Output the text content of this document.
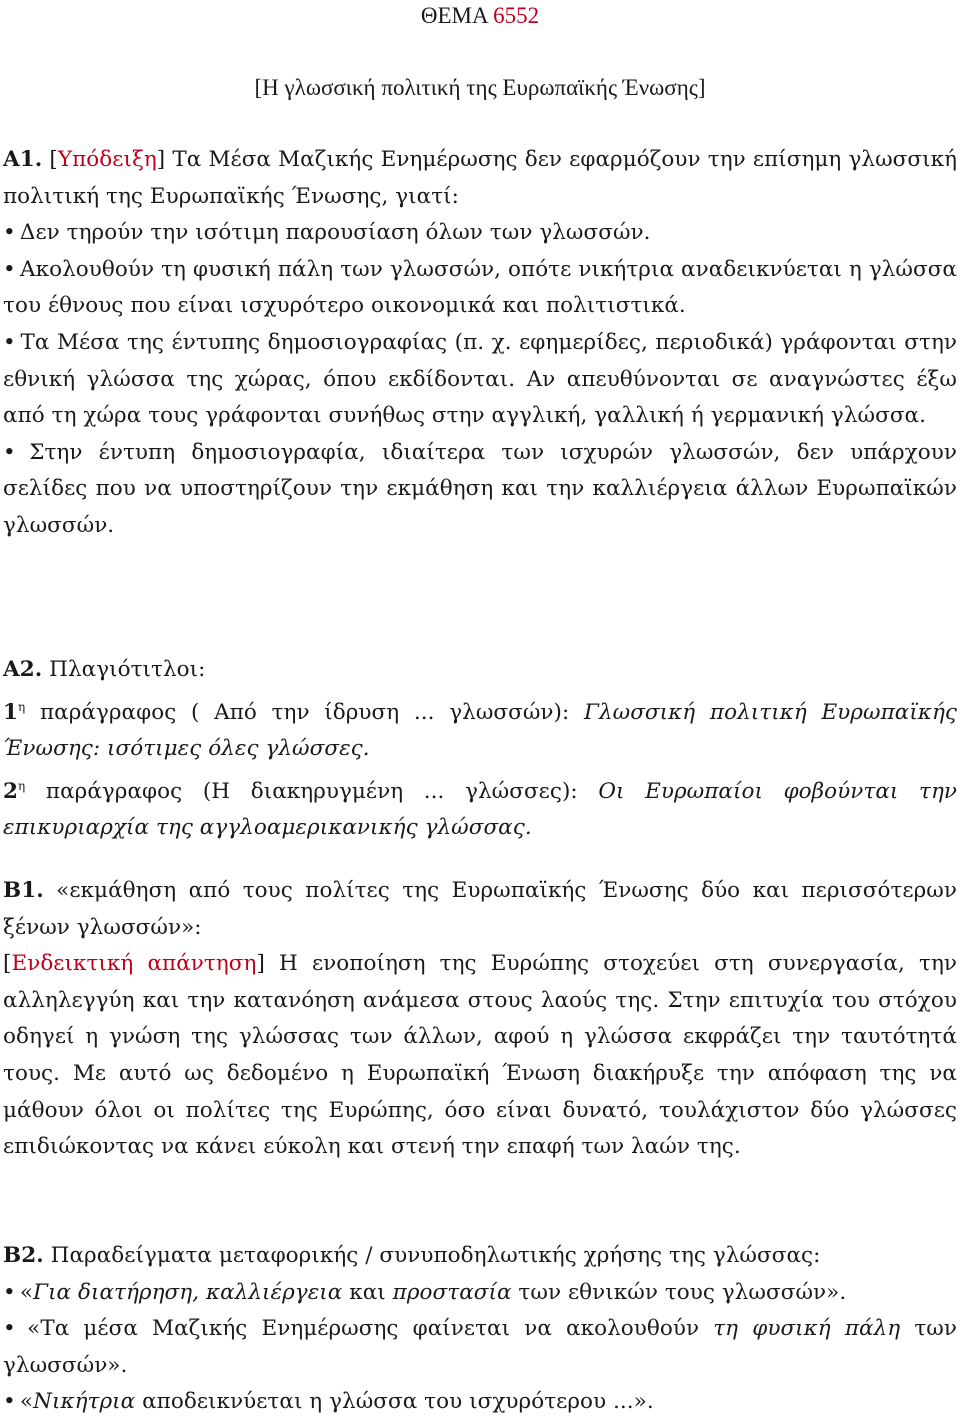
ΘΕΜΑ 6552
[Η γλωσσική πολιτική της Ευρωπαϊκής Ένωσης]

Α1. [Υπόδειξη] Τα Μέσα Μαζικής Ενημέρωσης δεν εφαρμόζουν την επίσημη γλωσσική πολιτική της Ευρωπαϊκής Ένωσης, γιατί:

• Δεν τηρούν την ισότιμη παρουσίαση όλων των γλωσσών.

• Ακολουθούν τη φυσική πάλη των γλωσσών, οπότε νικήτρια αναδεικνύεται η γλώσσα του έθνους που είναι ισχυρότερο οικονομικά και πολιτιστικά.

• Τα Μέσα της έντυπης δημοσιογραφίας (π. χ. εφημερίδες, περιοδικά) γράφονται στην εθνική γλώσσα της χώρας, όπου εκδίδονται. Αν απευθύνονται σε αναγνώστες έξω από τη χώρα τους γράφονται συνήθως στην αγγλική, γαλλική ή γερμανική γλώσσα.

• Στην έντυπη δημοσιογραφία, ιδιαίτερα των ισχυρών γλωσσών, δεν υπάρχουν σελίδες που να υποστηρίζουν την εκμάθηση και την καλλιέργεια άλλων Ευρωπαϊκών γλωσσών.

Α2. Πλαγιότιτλοι:

$1^\eta$ παράγραφος ( Από την ίδρυση ... γλωσσών): Γλωσσική πολιτική Ευρωπαϊκής Ένωσης: ισότιμες όλες γλώσσες.

$2^\eta$ παράγραφος (Η διακηρυγμένη ... γλώσσες): Οι Ευρωπαίοι φοβούνται την επικυριαρχία της αγγλοαμερικανικής γλώσσας.

Β1. «εκμάθηση από τους πολίτες της Ευρωπαϊκής Ένωσης δύο και περισσότερων ξένων γλωσσών»:

[Ενδεικτική απάντηση] Η ενοποίηση της Ευρώπης στοχεύει στη συνεργασία, την αλληλεγγύη και την κατανόηση ανάμεσα στους λαούς της. Στην επιτυχία του στόχου οδηγεί η γνώση της γλώσσας των άλλων, αφού η γλώσσα εκφράζει την ταυτότητά τους. Με αυτό ως δεδομένο η Ευρωπαϊκή Ένωση διακήρυξε την απόφαση της να μάθουν όλοι οι πολίτες της Ευρώπης, όσο είναι δυνατό, τουλάχιστον δύο γλώσσες επιδιώκοντας να κάνει εύκολη και στενή την επαφή των λαών της.

Β2. Παραδείγματα μεταφορικής / συνυποδηλωτικής χρήσης της γλώσσας:

• «Για διατήρηση, καλλιέργεια και προστασία των εθνικών τους γλωσσών».

• «Τα μέσα Μαζικής Ενημέρωσης φαίνεται να ακολουθούν τη φυσική πάλη των γλωσσών».

• «Νικήτρια αποδεικνύεται η γλώσσα του ισχυρότερου ...».
